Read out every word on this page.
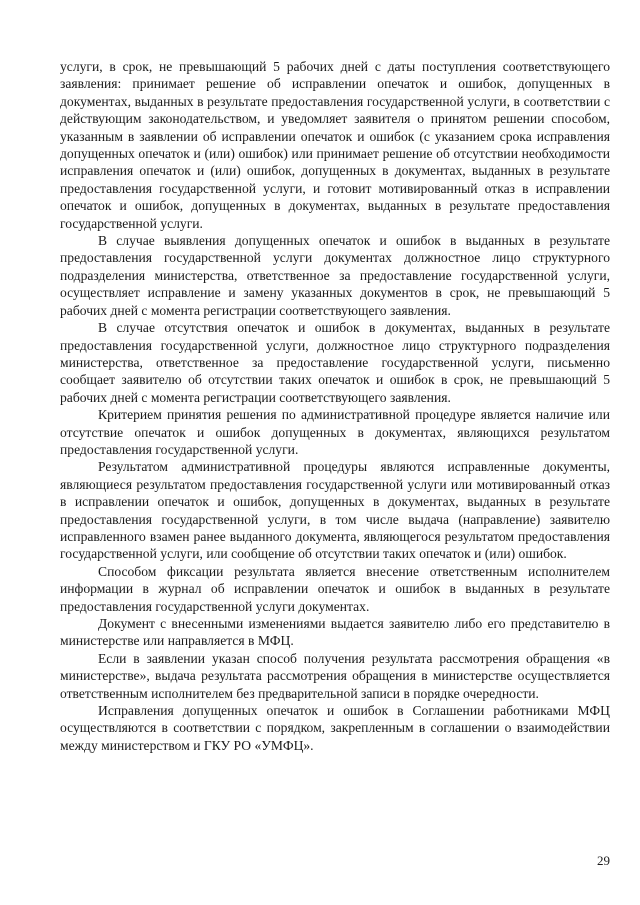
услуги, в срок, не превышающий 5 рабочих дней с даты поступления соответствующего заявления: принимает решение об исправлении опечаток и ошибок, допущенных в документах, выданных в результате предоставления государственной услуги, в соответствии с действующим законодательством, и уведомляет заявителя о принятом решении способом, указанным в заявлении об исправлении опечаток и ошибок (с указанием срока исправления допущенных опечаток и (или) ошибок) или принимает решение об отсутствии необходимости исправления опечаток и (или) ошибок, допущенных в документах, выданных в результате предоставления государственной услуги, и готовит мотивированный отказ в исправлении опечаток и ошибок, допущенных в документах, выданных в результате предоставления государственной услуги.

В случае выявления допущенных опечаток и ошибок в выданных в результате предоставления государственной услуги документах должностное лицо структурного подразделения министерства, ответственное за предоставление государственной услуги, осуществляет исправление и замену указанных документов в срок, не превышающий 5 рабочих дней с момента регистрации соответствующего заявления.

В случае отсутствия опечаток и ошибок в документах, выданных в результате предоставления государственной услуги, должностное лицо структурного подразделения министерства, ответственное за предоставление государственной услуги, письменно сообщает заявителю об отсутствии таких опечаток и ошибок в срок, не превышающий 5 рабочих дней с момента регистрации соответствующего заявления.

Критерием принятия решения по административной процедуре является наличие или отсутствие опечаток и ошибок допущенных в документах, являющихся результатом предоставления государственной услуги.

Результатом административной процедуры являются исправленные документы, являющиеся результатом предоставления государственной услуги или мотивированный отказ в исправлении опечаток и ошибок, допущенных в документах, выданных в результате предоставления государственной услуги, в том числе выдача (направление) заявителю исправленного взамен ранее выданного документа, являющегося результатом предоставления государственной услуги, или сообщение об отсутствии таких опечаток и (или) ошибок.

Способом фиксации результата является внесение ответственным исполнителем информации в журнал об исправлении опечаток и ошибок в выданных в результате предоставления государственной услуги документах.

Документ с внесенными изменениями выдается заявителю либо его представителю в министерстве или направляется в МФЦ.

Если в заявлении указан способ получения результата рассмотрения обращения «в министерстве», выдача результата рассмотрения обращения в министерстве осуществляется ответственным исполнителем без предварительной записи в порядке очередности.

Исправления допущенных опечаток и ошибок в Соглашении работниками МФЦ осуществляются в соответствии с порядком, закрепленным в соглашении о взаимодействии между министерством и ГКУ РО «УМФЦ».

29
